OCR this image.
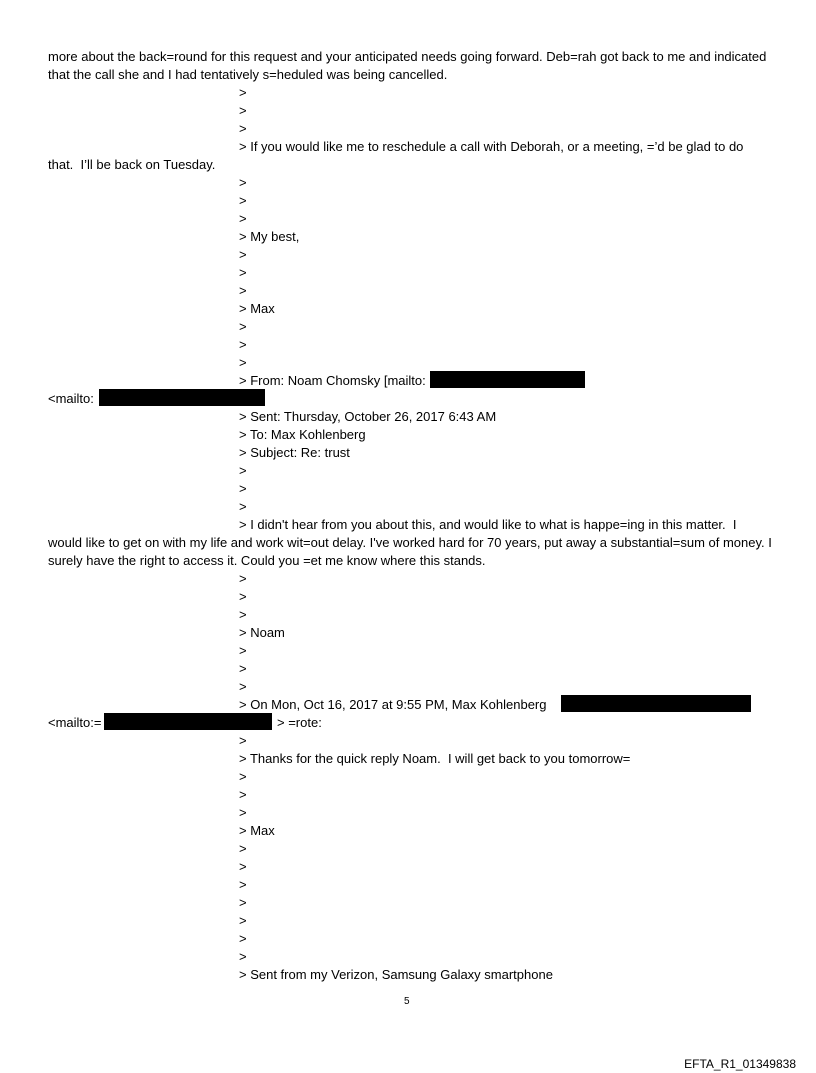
more about the back=round for this request and your anticipated needs going forward. Deb=rah got back to me and indicated that the call she and I had tentatively s=heduled was being cancelled.
>
>
>
> If you would like me to reschedule a call with Deborah, or a meeting, =’d be glad to do
that.  I’ll be back on Tuesday.
>
>
>
> My best,
>
>
>
> Max
>
>
>
> From: Noam Chomsky [mailto:
<mailto:
> Sent: Thursday, October 26, 2017 6:43 AM
> To: Max Kohlenberg
> Subject: Re: trust
>
>
>
> I didn't hear from you about this, and would like to what is happe=ing in this matter.  I
would like to get on with my life and work wit=out delay. I've worked hard for 70 years, put away a substantial=sum of money. I surely have the right to access it. Could you =et me know where this stands.
>
>
>
> Noam
>
>
>
> On Mon, Oct 16, 2017 at 9:55 PM, Max Kohlenberg
<mailto:=	> =rote:
>
> Thanks for the quick reply Noam.  I will get back to you tomorrow=
>
>
>
> Max
>
>
>
>
>
>
>
> Sent from my Verizon, Samsung Galaxy smartphone
5
EFTA_R1_01349838
